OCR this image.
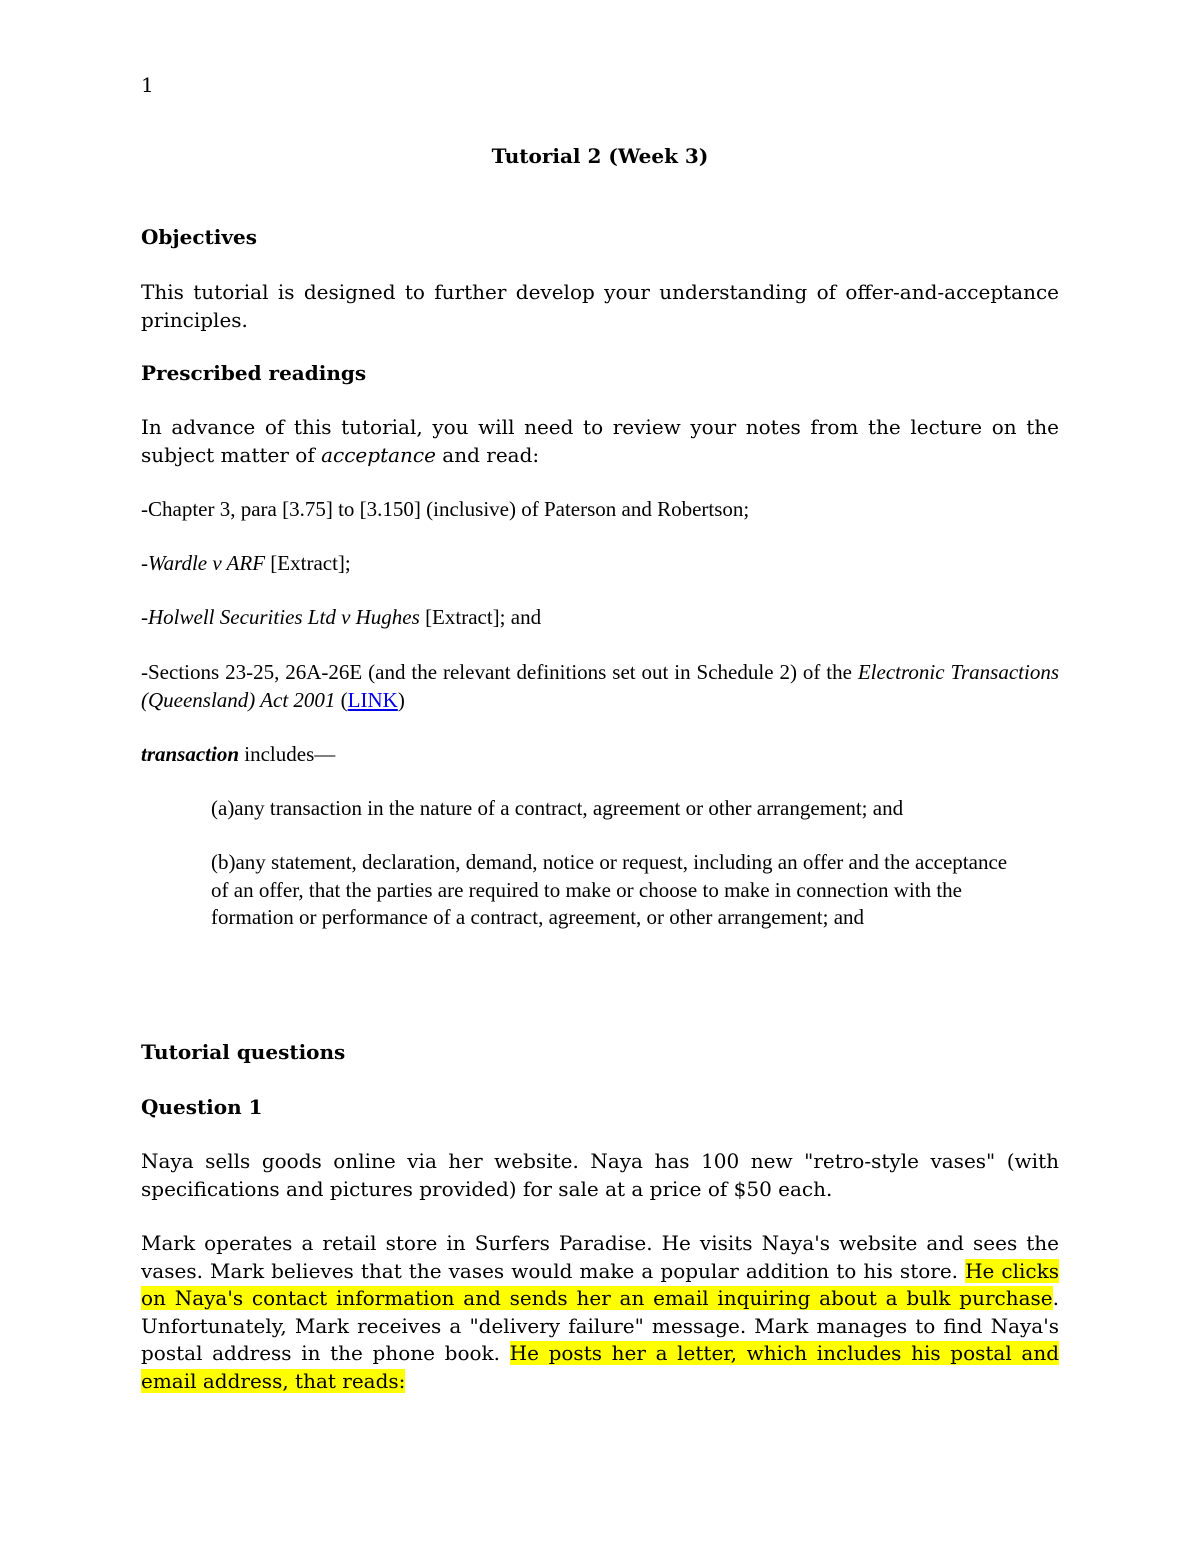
1

Tutorial 2 (Week 3)

Objectives

This tutorial is designed to further develop your understanding of offer-and-acceptance principles.

Prescribed readings

In advance of this tutorial, you will need to review your notes from the lecture on the subject matter of acceptance and read:

-Chapter 3, para [3.75] to [3.150] (inclusive) of Paterson and Robertson;

-Wardle v ARF [Extract];

-Holwell Securities Ltd v Hughes [Extract]; and

-Sections 23-25, 26A-26E (and the relevant definitions set out in Schedule 2) of the Electronic Transactions (Queensland) Act 2001 (LINK)

transaction includes—

(a)any transaction in the nature of a contract, agreement or other arrangement; and

(b)any statement, declaration, demand, notice or request, including an offer and the acceptance of an offer, that the parties are required to make or choose to make in connection with the formation or performance of a contract, agreement, or other arrangement; and

Tutorial questions

Question 1

Naya sells goods online via her website. Naya has 100 new "retro-style vases" (with specifications and pictures provided) for sale at a price of $50 each.

Mark operates a retail store in Surfers Paradise. He visits Naya's website and sees the vases. Mark believes that the vases would make a popular addition to his store. He clicks on Naya's contact information and sends her an email inquiring about a bulk purchase. Unfortunately, Mark receives a "delivery failure" message. Mark manages to find Naya's postal address in the phone book. He posts her a letter, which includes his postal and email address, that reads:
